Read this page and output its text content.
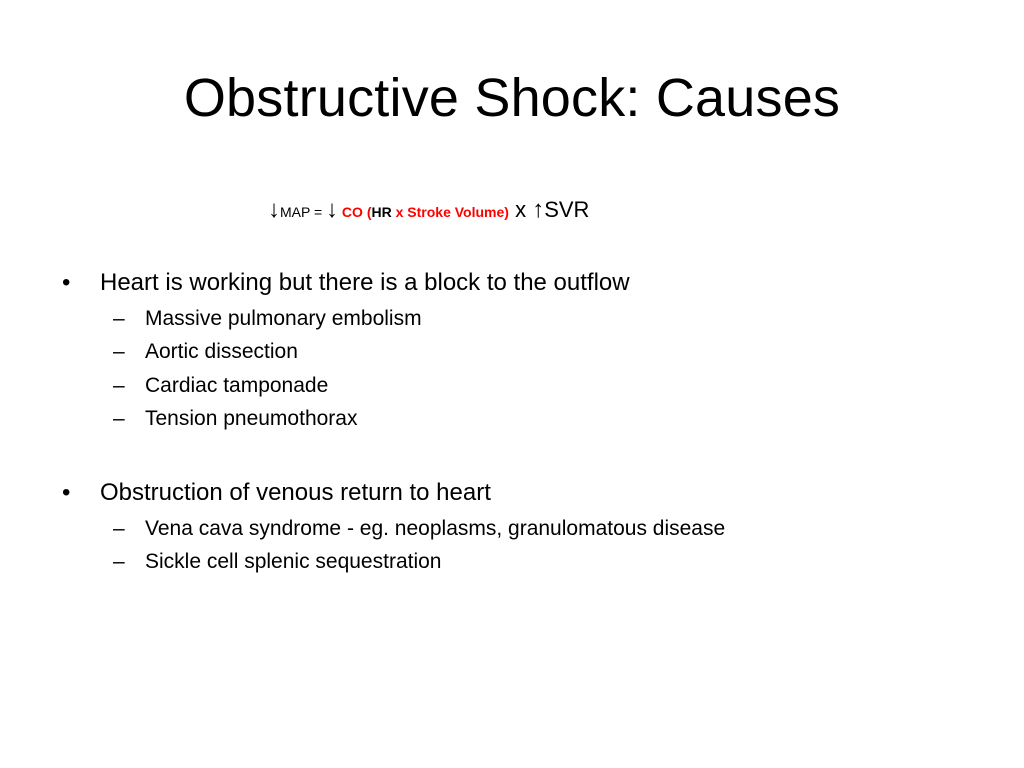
Obstructive Shock: Causes
↓MAP = ↓ CO (HR x Stroke Volume) x ↑SVR
• Heart is working but there is a block to the outflow
– Massive pulmonary embolism
– Aortic dissection
– Cardiac tamponade
– Tension pneumothorax
• Obstruction of venous return to heart
– Vena cava syndrome - eg. neoplasms, granulomatous disease
– Sickle cell splenic sequestration
